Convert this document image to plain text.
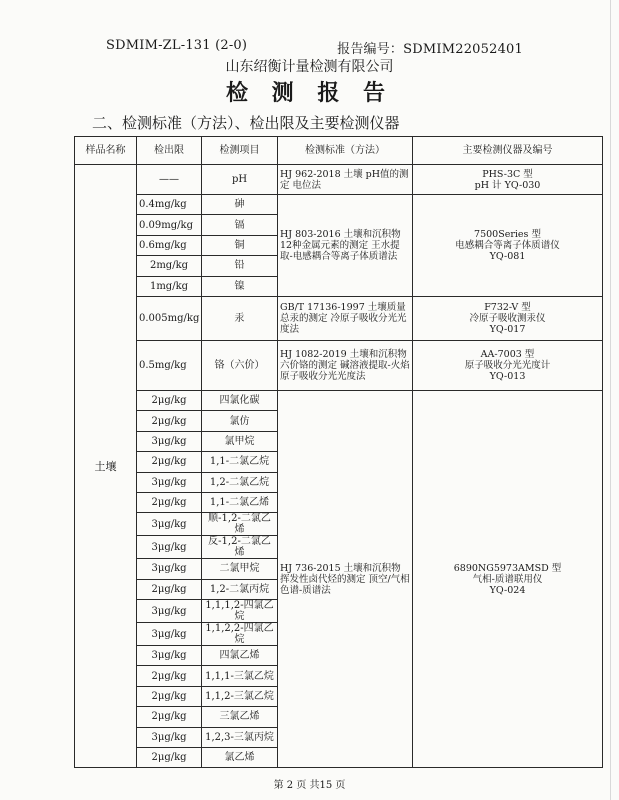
SDMIM-ZL-131 (2-0)	报告编号：SDMIM22052401
山东绍衡计量检测有限公司
检 测 报 告
二、检测标准（方法）、检出限及主要检测仪器
样品名称	检出限	检测项目	检测标准（方法）	主要检测仪器及编号
土壤	——	pH	HJ 962-2018 土壤 pH值的测定 电位法	PHS-3C 型
pH 计 YQ-030

	0.4mg/kg	砷	HJ 803-2016 土壤和沉积物 12种金属元素的测定 王水提取-电感耦合等离子体质谱法	7500Series 型
电感耦合等离子体质谱仪
YQ-081

	0.09mg/kg	镉		
	0.6mg/kg	铜		
	2mg/kg	铅		
	1mg/kg	镍		
	0.005mg/kg	汞	GB/T 17136-1997 土壤质量 总汞的测定 冷原子吸收分光光度法	F732-V 型
冷原子吸收测汞仪
YQ-017

	0.5mg/kg	铬（六价）	HJ 1082-2019 土壤和沉积物 六价铬的测定 碱溶液提取-火焰原子吸收分光光度法	AA-7003 型
原子吸收分光光度计
YQ-013

	2μg/kg	四氯化碳	HJ 736-2015 土壤和沉积物 挥发性卤代烃的测定 顶空/气相色谱-质谱法	6890NG5973AMSD 型
气相-质谱联用仪
YQ-024

	2μg/kg	氯仿		
	3μg/kg	氯甲烷		
	2μg/kg	1,1-二氯乙烷		
	3μg/kg	1,2-二氯乙烷		
	2μg/kg	1,1-二氯乙烯		
	3μg/kg	顺-1,2-二氯乙烯		
	3μg/kg	反-1,2-二氯乙烯		
	3μg/kg	二氯甲烷		
	2μg/kg	1,2-二氯丙烷		
	3μg/kg	1,1,1,2-四氯乙烷		
	3μg/kg	1,1,2,2-四氯乙烷		
	3μg/kg	四氯乙烯		
	2μg/kg	1,1,1-三氯乙烷		
	2μg/kg	1,1,2-三氯乙烷		
	2μg/kg	三氯乙烯		
	3μg/kg	1,2,3-三氯丙烷		
	2μg/kg	氯乙烯		
第 2 页 共15 页
